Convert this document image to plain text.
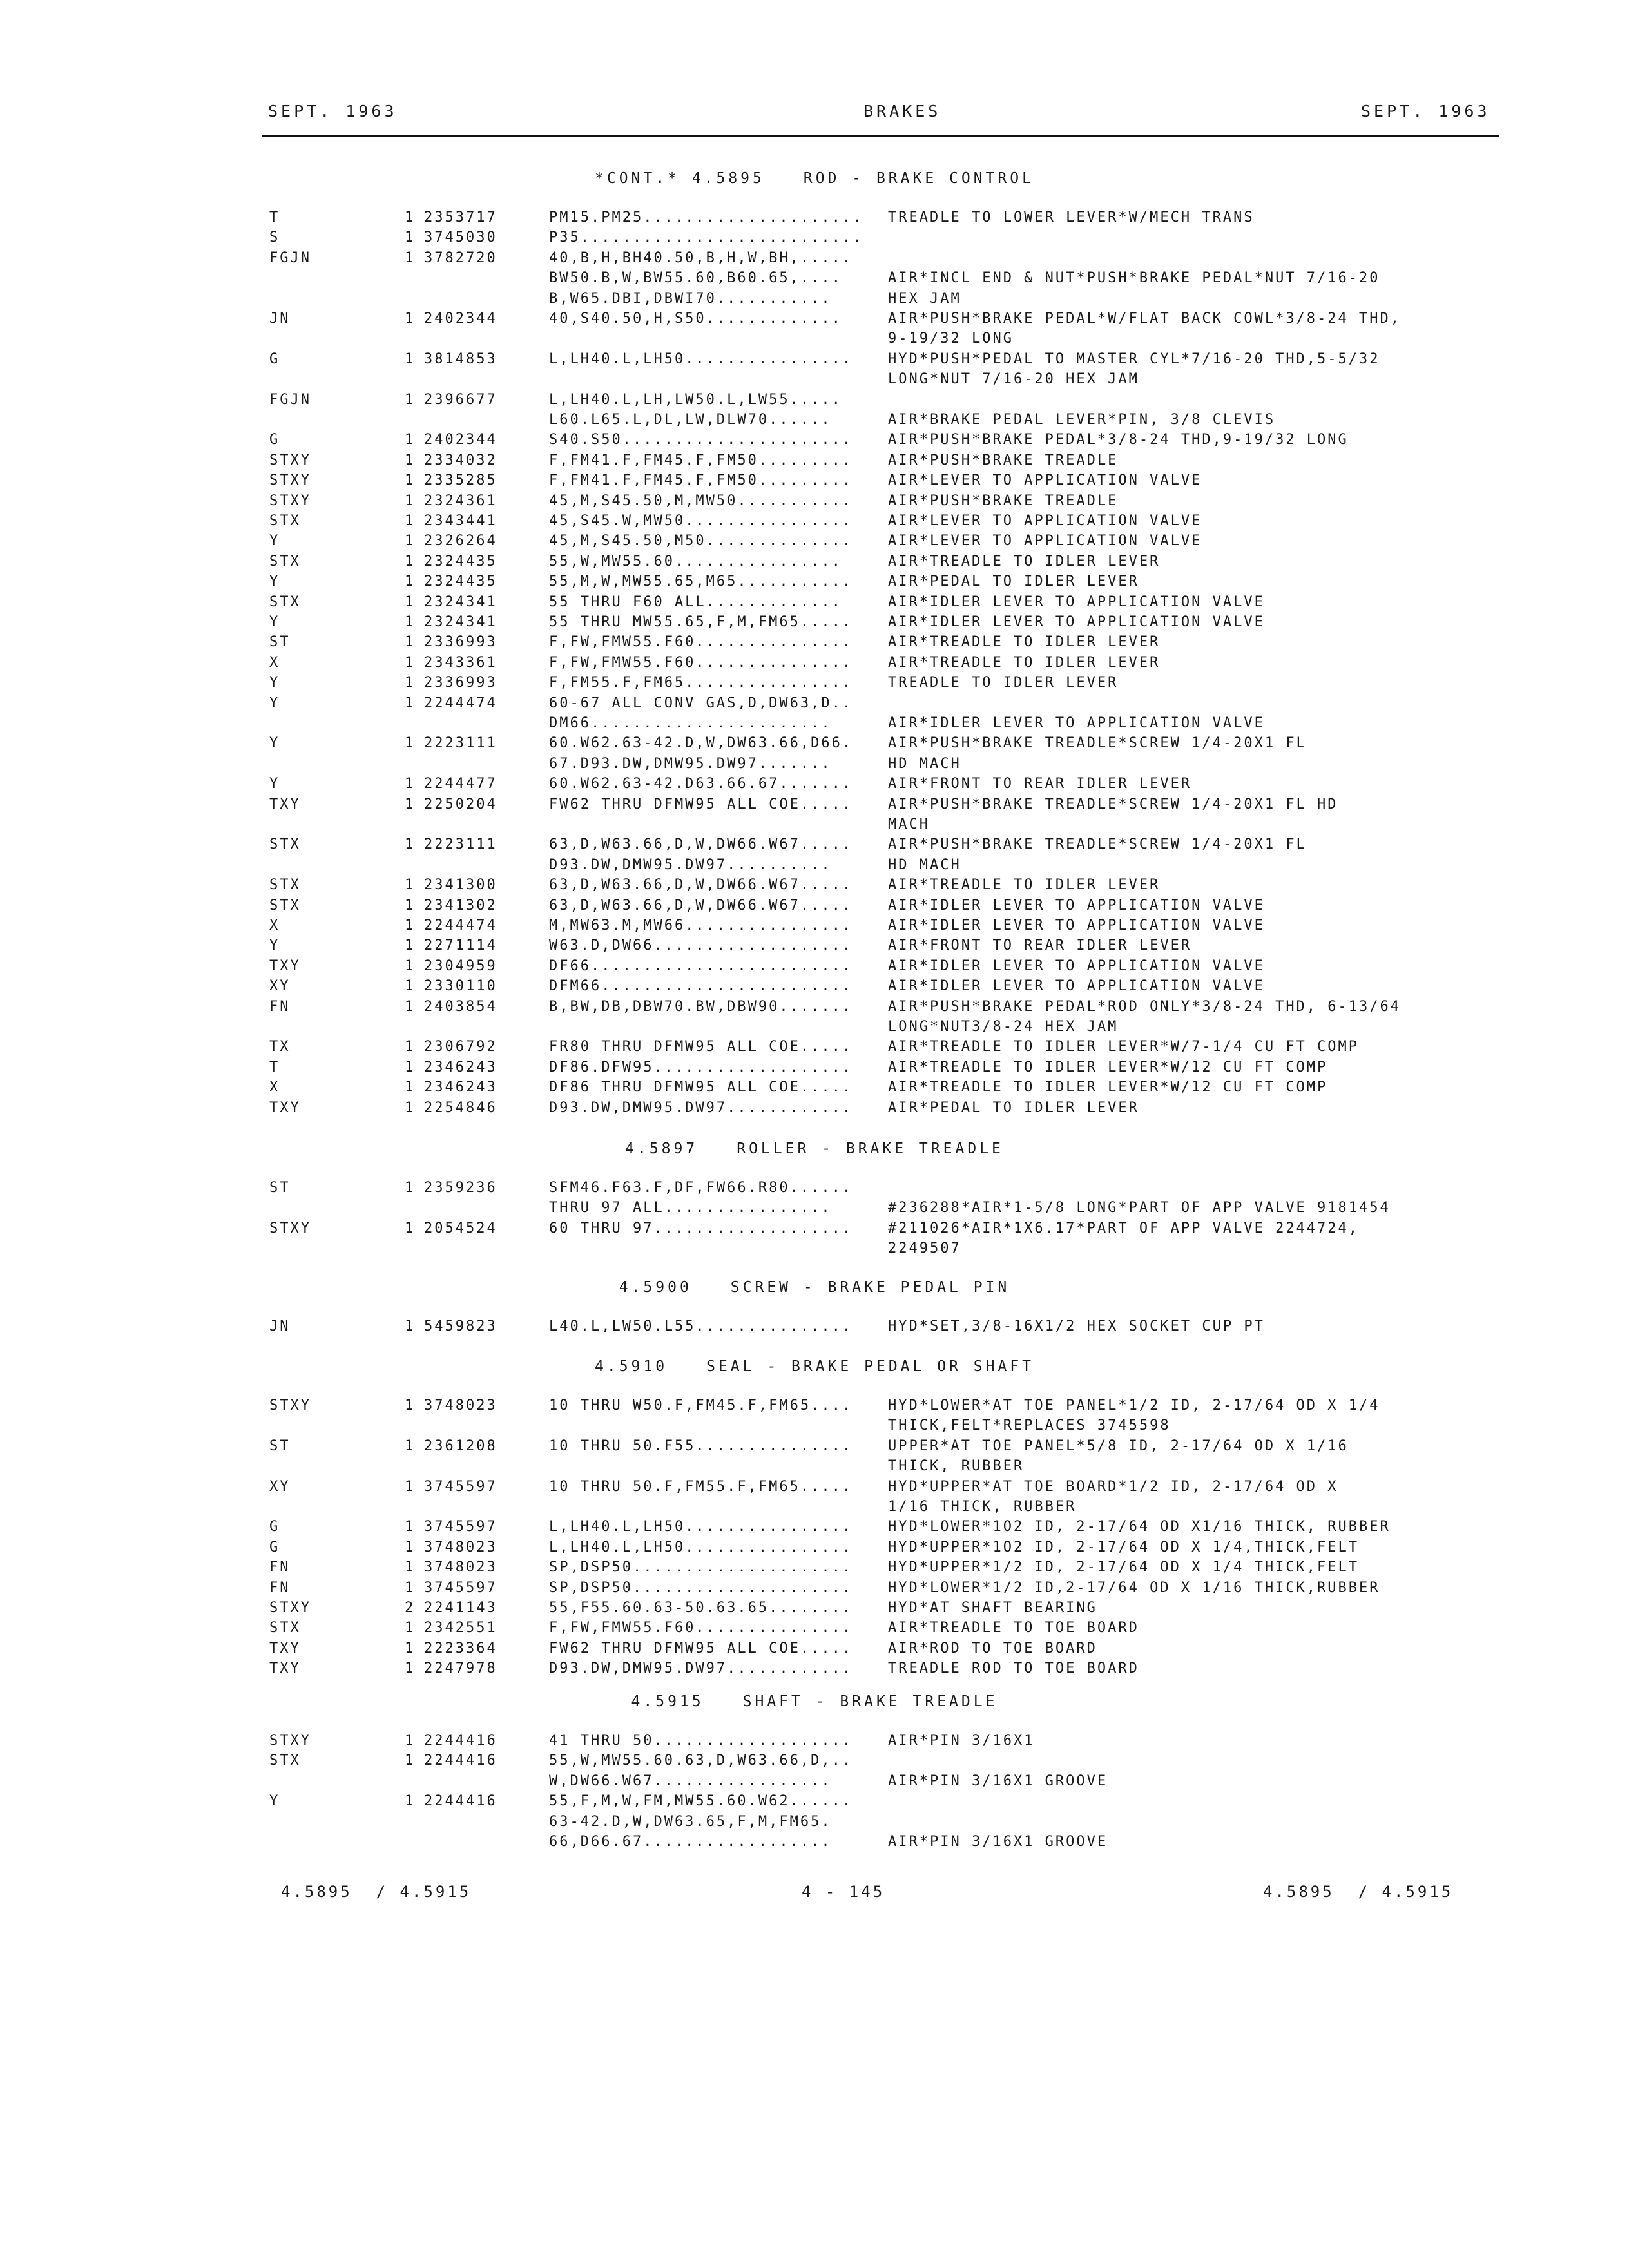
SEPT. 1963	BRAKES	SEPT. 1963
*CONT.* 4.5895	ROD - BRAKE CONTROL
T	1 2353717	PM15.PM25..................... TREADLE TO LOWER LEVER*W/MECH TRANS
S	1 3745030	P35...........................
FGJN	1 3782720	40,B,H,BH40.50,B,H,W,BH,.....
BW50.B,W,BW55.60,B60.65,....	AIR*INCL END & NUT*PUSH*BRAKE PEDAL*NUT 7/16-20
B,W65.DBI,DBWI70...........	HEX JAM
JN	1 2402344	40,S40.50,H,S50.............	AIR*PUSH*BRAKE PEDAL*W/FLAT BACK COWL*3/8-24 THD,
9-19/32 LONG
G	1 3814853	L,LH40.L,LH50................ HYD*PUSH*PEDAL TO MASTER CYL*7/16-20 THD,5-5/32
LONG*NUT 7/16-20 HEX JAM
FGJN	1 2396677	L,LH40.L,LH,LW50.L,LW55.....
L60.L65.L,DL,LW,DLW70......	AIR*BRAKE PEDAL LEVER*PIN, 3/8 CLEVIS
G	1 2402344	S40.S50...................... AIR*PUSH*BRAKE PEDAL*3/8-24 THD,9-19/32 LONG
STXY	1 2334032	F,FM41.F,FM45.F,FM50......... AIR*PUSH*BRAKE TREADLE
STXY	1 2335285	F,FM41.F,FM45.F,FM50......... AIR*LEVER TO APPLICATION VALVE
STXY	1 2324361	45,M,S45.50,M,MW50........... AIR*PUSH*BRAKE TREADLE
STX	1 2343441	45,S45.W,MW50................ AIR*LEVER TO APPLICATION VALVE
Y	1 2326264	45,M,S45.50,M50.............. AIR*LEVER TO APPLICATION VALVE
STX	1 2324435	55,W,MW55.60................	AIR*TREADLE TO IDLER LEVER
Y	1 2324435	55,M,W,MW55.65,M65........... AIR*PEDAL TO IDLER LEVER
STX	1 2324341	55 THRU F60 ALL.............	AIR*IDLER LEVER TO APPLICATION VALVE
Y	1 2324341	55 THRU MW55.65,F,M,FM65..... AIR*IDLER LEVER TO APPLICATION VALVE
ST	1 2336993	F,FW,FMW55.F60............... AIR*TREADLE TO IDLER LEVER
X	1 2343361	F,FW,FMW55.F60............... AIR*TREADLE TO IDLER LEVER
Y	1 2336993	F,FM55.F,FM65................ TREADLE TO IDLER LEVER
Y	1 2244474	60-67 ALL CONV GAS,D,DW63,D..
DM66.......................	AIR*IDLER LEVER TO APPLICATION VALVE
Y	1 2223111	60.W62.63-42.D,W,DW63.66,D66. AIR*PUSH*BRAKE TREADLE*SCREW 1/4-20X1 FL
67.D93.DW,DMW95.DW97.......	HD MACH
Y	1 2244477	60.W62.63-42.D63.66.67....... AIR*FRONT TO REAR IDLER LEVER
TXY	1 2250204	FW62 THRU DFMW95 ALL COE..... AIR*PUSH*BRAKE TREADLE*SCREW 1/4-20X1 FL HD
MACH
STX	1 2223111	63,D,W63.66,D,W,DW66.W67..... AIR*PUSH*BRAKE TREADLE*SCREW 1/4-20X1 FL
D93.DW,DMW95.DW97..........	HD MACH
STX	1 2341300	63,D,W63.66,D,W,DW66.W67..... AIR*TREADLE TO IDLER LEVER
STX	1 2341302	63,D,W63.66,D,W,DW66.W67..... AIR*IDLER LEVER TO APPLICATION VALVE
X	1 2244474	M,MW63.M,MW66................ AIR*IDLER LEVER TO APPLICATION VALVE
Y	1 2271114	W63.D,DW66................... AIR*FRONT TO REAR IDLER LEVER
TXY	1 2304959	DF66......................... AIR*IDLER LEVER TO APPLICATION VALVE
XY	1 2330110	DFM66........................ AIR*IDLER LEVER TO APPLICATION VALVE
FN	1 2403854	B,BW,DB,DBW70.BW,DBW90....... AIR*PUSH*BRAKE PEDAL*ROD ONLY*3/8-24 THD, 6-13/64
LONG*NUT3/8-24 HEX JAM
TX	1 2306792	FR80 THRU DFMW95 ALL COE..... AIR*TREADLE TO IDLER LEVER*W/7-1/4 CU FT COMP
T	1 2346243	DF86.DFW95................... AIR*TREADLE TO IDLER LEVER*W/12 CU FT COMP
X	1 2346243	DF86 THRU DFMW95 ALL COE..... AIR*TREADLE TO IDLER LEVER*W/12 CU FT COMP
TXY	1 2254846	D93.DW,DMW95.DW97............ AIR*PEDAL TO IDLER LEVER
4.5897	ROLLER - BRAKE TREADLE
ST	1 2359236	SFM46.F63.F,DF,FW66.R80......
THRU 97 ALL................	#236288*AIR*1-5/8 LONG*PART OF APP VALVE 9181454
STXY	1 2054524	60 THRU 97................... #211026*AIR*1X6.17*PART OF APP VALVE 2244724,
2249507
4.5900	SCREW - BRAKE PEDAL PIN
JN	1 5459823	L40.L,LW50.L55............... HYD*SET,3/8-16X1/2 HEX SOCKET CUP PT
4.5910	SEAL - BRAKE PEDAL OR SHAFT
STXY	1 3748023	10 THRU W50.F,FM45.F,FM65.... HYD*LOWER*AT TOE PANEL*1/2 ID, 2-17/64 OD X 1/4
THICK,FELT*REPLACES 3745598
ST	1 2361208	10 THRU 50.F55............... UPPER*AT TOE PANEL*5/8 ID, 2-17/64 OD X 1/16
THICK, RUBBER
XY	1 3745597	10 THRU 50.F,FM55.F,FM65..... HYD*UPPER*AT TOE BOARD*1/2 ID, 2-17/64 OD X
1/16 THICK, RUBBER
G	1 3745597	L,LH40.L,LH50................ HYD*LOWER*1O2 ID, 2-17/64 OD X1/16 THICK, RUBBER
G	1 3748023	L,LH40.L,LH50................ HYD*UPPER*1O2 ID, 2-17/64 OD X 1/4,THICK,FELT
FN	1 3748023	SP,DSP50..................... HYD*UPPER*1/2 ID, 2-17/64 OD X 1/4 THICK,FELT
FN	1 3745597	SP,DSP50..................... HYD*LOWER*1/2 ID,2-17/64 OD X 1/16 THICK,RUBBER
STXY	2 2241143	55,F55.60.63-50.63.65........ HYD*AT SHAFT BEARING
STX	1 2342551	F,FW,FMW55.F60............... AIR*TREADLE TO TOE BOARD
TXY	1 2223364	FW62 THRU DFMW95 ALL COE..... AIR*ROD TO TOE BOARD
TXY	1 2247978	D93.DW,DMW95.DW97............ TREADLE ROD TO TOE BOARD
4.5915	SHAFT - BRAKE TREADLE
STXY	1 2244416	41 THRU 50................... AIR*PIN 3/16X1
STX	1 2244416	55,W,MW55.60.63,D,W63.66,D,..
W,DW66.W67.................	AIR*PIN 3/16X1 GROOVE
Y	1 2244416	55,F,M,W,FM,MW55.60.W62......
63-42.D,W,DW63.65,F,M,FM65.
66,D66.67..................	AIR*PIN 3/16X1 GROOVE
4.5895  / 4.5915	4 - 145	4.5895  / 4.5915
